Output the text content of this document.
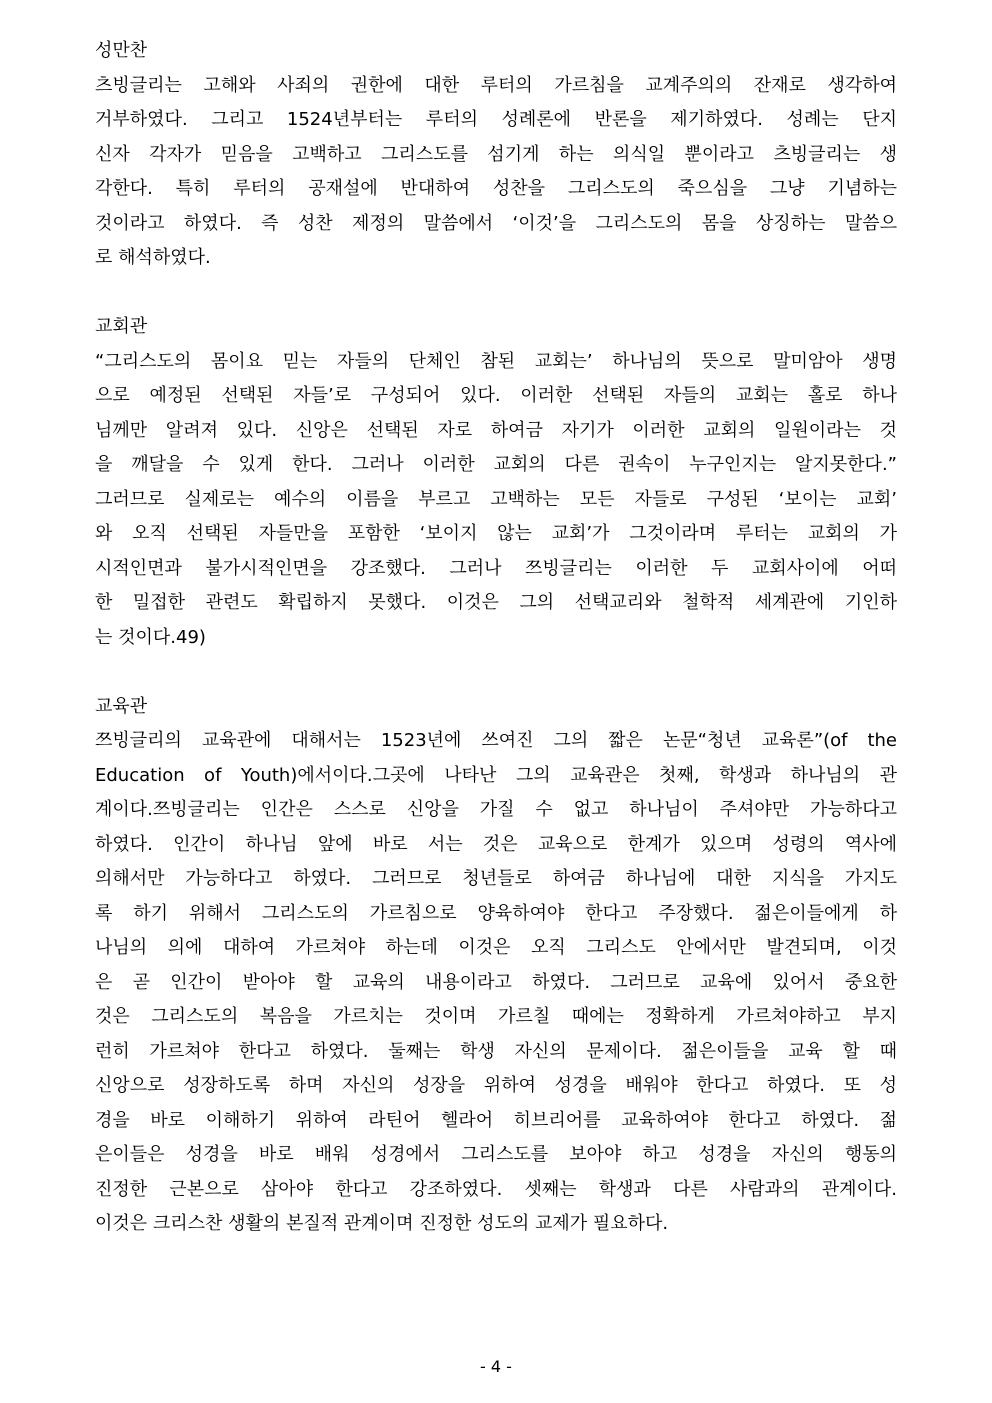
성만찬
츠빙글리는 고해와 사죄의 권한에 대한 루터의 가르침을 교계주의의 잔재로 생각하여
거부하였다. 그리고 1524년부터는 루터의 성례론에 반론을 제기하였다. 성례는 단지
신자 각자가 믿음을 고백하고 그리스도를 섬기게 하는 의식일 뿐이라고 츠빙글리는 생
각한다. 특히 루터의 공재설에 반대하여 성찬을 그리스도의 죽으심을 그냥 기념하는
것이라고 하였다. 즉 성찬 제정의 말씀에서 ‘이것’을 그리스도의 몸을 상징하는 말씀으
로 해석하였다.
교회관
“그리스도의 몸이요 믿는 자들의 단체인 참된 교회는’ 하나님의 뜻으로 말미암아 생명
으로 예정된 선택된 자들’로 구성되어 있다. 이러한 선택된 자들의 교회는 홀로 하나
님께만 알려져 있다. 신앙은 선택된 자로 하여금 자기가 이러한 교회의 일원이라는 것
을 깨달을 수 있게 한다. 그러나 이러한 교회의 다른 권속이 누구인지는 알지못한다.”
그러므로 실제로는 예수의 이름을 부르고 고백하는 모든 자들로 구성된 ‘보이는 교회’
와 오직 선택된 자들만을 포함한 ‘보이지 않는 교회’가 그것이라며 루터는 교회의 가
시적인면과 불가시적인면을 강조했다. 그러나 쯔빙글리는 이러한 두 교회사이에 어떠
한 밀접한 관련도 확립하지 못했다. 이것은 그의 선택교리와 철학적 세계관에 기인하
는 것이다.49)
교육관
쯔빙글리의 교육관에 대해서는 1523년에 쓰여진 그의 짧은 논문“청년 교육론”(of the
Education of Youth)에서이다.그곳에 나타난 그의 교육관은 첫째, 학생과 하나님의 관
계이다.쯔빙글리는 인간은 스스로 신앙을 가질 수 없고 하나님이 주셔야만 가능하다고
하였다. 인간이 하나님 앞에 바로 서는 것은 교육으로 한계가 있으며 성령의 역사에
의해서만 가능하다고 하였다. 그러므로 청년들로 하여금 하나님에 대한 지식을 가지도
록 하기 위해서 그리스도의 가르침으로 양육하여야 한다고 주장했다. 젊은이들에게 하
나님의 의에 대하여 가르쳐야 하는데 이것은 오직 그리스도 안에서만 발견되며, 이것
은 곧 인간이 받아야 할 교육의 내용이라고 하였다. 그러므로 교육에 있어서 중요한
것은 그리스도의 복음을 가르치는 것이며 가르칠 때에는 정확하게 가르쳐야하고 부지
런히 가르쳐야 한다고 하였다. 둘째는 학생 자신의 문제이다. 젊은이들을 교육 할 때
신앙으로 성장하도록 하며 자신의 성장을 위하여 성경을 배워야 한다고 하였다. 또 성
경을 바로 이해하기 위하여 라틴어 헬라어 히브리어를 교육하여야 한다고 하였다. 젊
은이들은 성경을 바로 배워 성경에서 그리스도를 보아야 하고 성경을 자신의 행동의
진정한 근본으로 삼아야 한다고 강조하였다. 셋째는 학생과 다른 사람과의 관계이다.
이것은 크리스찬 생활의 본질적 관계이며 진정한 성도의 교제가 필요하다.
- 4 -
